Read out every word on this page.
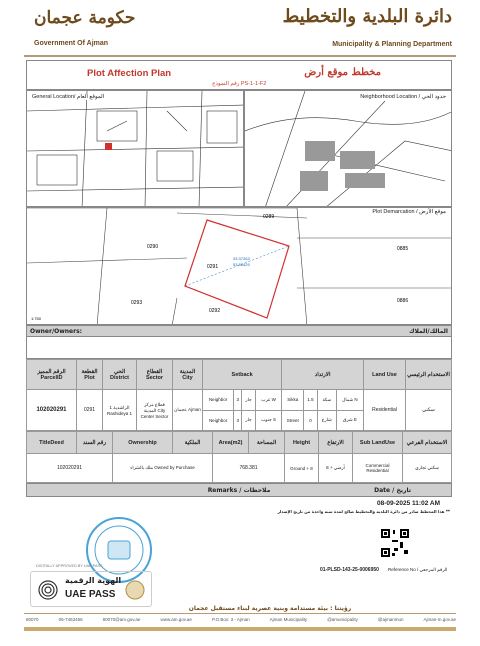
حكومة عجمان
Government Of Ajman
دائرة البلدية والتخطيط
Municipality & Planning Department
Plot Affection Plan	مخطط موقع أرض
رقم النموذج PS-1-1-F2
General Location/ الموقع العام	Neighborhood Location / حدود الحي
0289
0290
0291
0292
0293
0885
0886
33.37263
53.86429
1:750
Plot Demarcation / موقع الأرض
Owner/Owners:	المالك/الملاك
الرقم المميز ParcelID	القطعة Plot	الحي District	القطاع Sector	المدينة City	Setback				الارتداد				Land Use	الاستخدام الرئيسي
102020291	0291	الراشدية 1 Rashideya 1	قطاع مركز المدينة City Center Sector	عجمان Ajman	Neighbor	3	جار	غرب W	Sikka	1.5	سكة	شمال N	Residential	سكني
					Neighbor	3	جار	جنوب S	Street	0	شارع	شرق E		
TitleDeed	رقم السند	Ownership	الملكية	Area(m2)	المساحة	Height	الارتفاع	Sub LandUse	الاستخدام الفرعي
102020291		ملك بالشراء Owned by Purchase		768.381		Ground + 8	أرضي + 8	Commercial Residential	سكني تجاري
Remarks / ملاحظات	Date / تاريخ
08-09-2025 11:02 AM
هذا المخطط صادر من دائرة البلدية والتخطيط صالح لمدة سنة واحدة من تاريخ الإصدار **
01-PLSD-143-25-0006950 Reference No / الرقم المرجعي
DIGITALLY APPROVED BY UAE PASS
الهوية الرقمية
UAE PASS
رؤيتنا : بيئة مستدامة وبنية عصرية لبناء مستقبل عجمان
80070	06-7463456	80070@am.gov.ae	www.am.gov.ae	P.O.Box: 3 - Ajman	Ajman Municipality	@amunicipality	@ajmanmun	Ajman-m.gov.ae
